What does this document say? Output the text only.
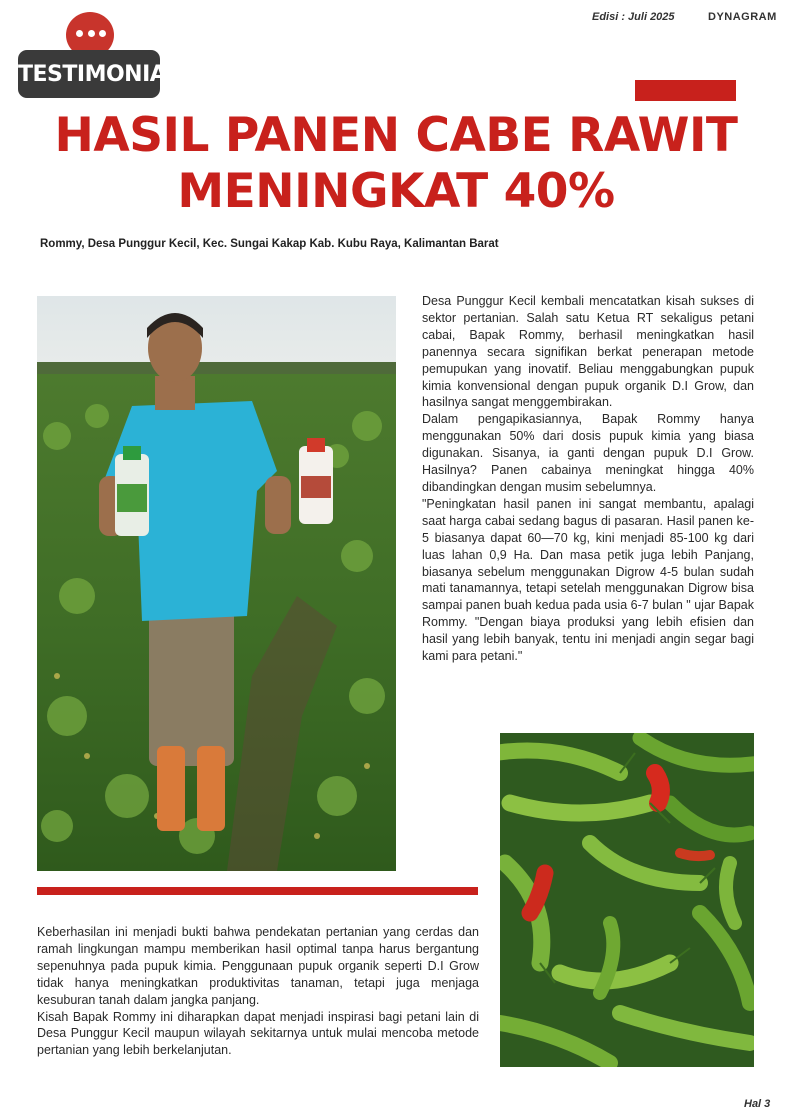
Edisi : Juli 2025	DYNAGRAM
TESTIMONIAL
HASIL PANEN CABE RAWIT
MENINGKAT 40%
Rommy, Desa Punggur Kecil, Kec. Sungai Kakap Kab. Kubu Raya, Kalimantan Barat

Desa Punggur Kecil kembali mencatatkan kisah sukses di sektor pertanian. Salah satu Ketua RT sekaligus petani cabai, Bapak Rommy, berhasil meningkatkan hasil panennya secara signifikan berkat penerapan metode pemupukan yang inovatif. Beliau menggabungkan pupuk kimia konvensional dengan pupuk organik D.I Grow, dan hasilnya sangat menggembirakan.

Dalam pengapikasiannya, Bapak Rommy hanya menggunakan 50% dari dosis pupuk kimia yang biasa digunakan. Sisanya, ia ganti dengan pupuk D.I Grow. Hasilnya? Panen cabainya meningkat hingga 40% dibandingkan dengan musim sebelumnya.

"Peningkatan hasil panen ini sangat membantu, apalagi saat harga cabai sedang bagus di pasaran. Hasil panen ke-5 biasanya dapat 60—70 kg, kini menjadi 85-100 kg dari luas lahan 0,9 Ha. Dan masa petik juga lebih Panjang, biasanya sebelum menggunakan Digrow 4-5 bulan sudah mati tanamannya, tetapi setelah menggunakan Digrow bisa sampai panen buah kedua pada usia 6-7 bulan " ujar Bapak Rommy. "Dengan biaya produksi yang lebih efisien dan hasil yang lebih banyak, tentu ini menjadi angin segar bagi kami para petani."

Keberhasilan ini menjadi bukti bahwa pendekatan pertanian yang cerdas dan ramah lingkungan mampu memberikan hasil optimal tanpa harus bergantung sepenuhnya pada pupuk kimia. Penggunaan pupuk organik seperti D.I Grow tidak hanya meningkatkan produktivitas tanaman, tetapi juga menjaga kesuburan tanah dalam jangka panjang.

Kisah Bapak Rommy ini diharapkan dapat menjadi inspirasi bagi petani lain di Desa Punggur Kecil maupun wilayah sekitarnya untuk mulai mencoba metode pertanian yang lebih berkelanjutan.

Hal 3
